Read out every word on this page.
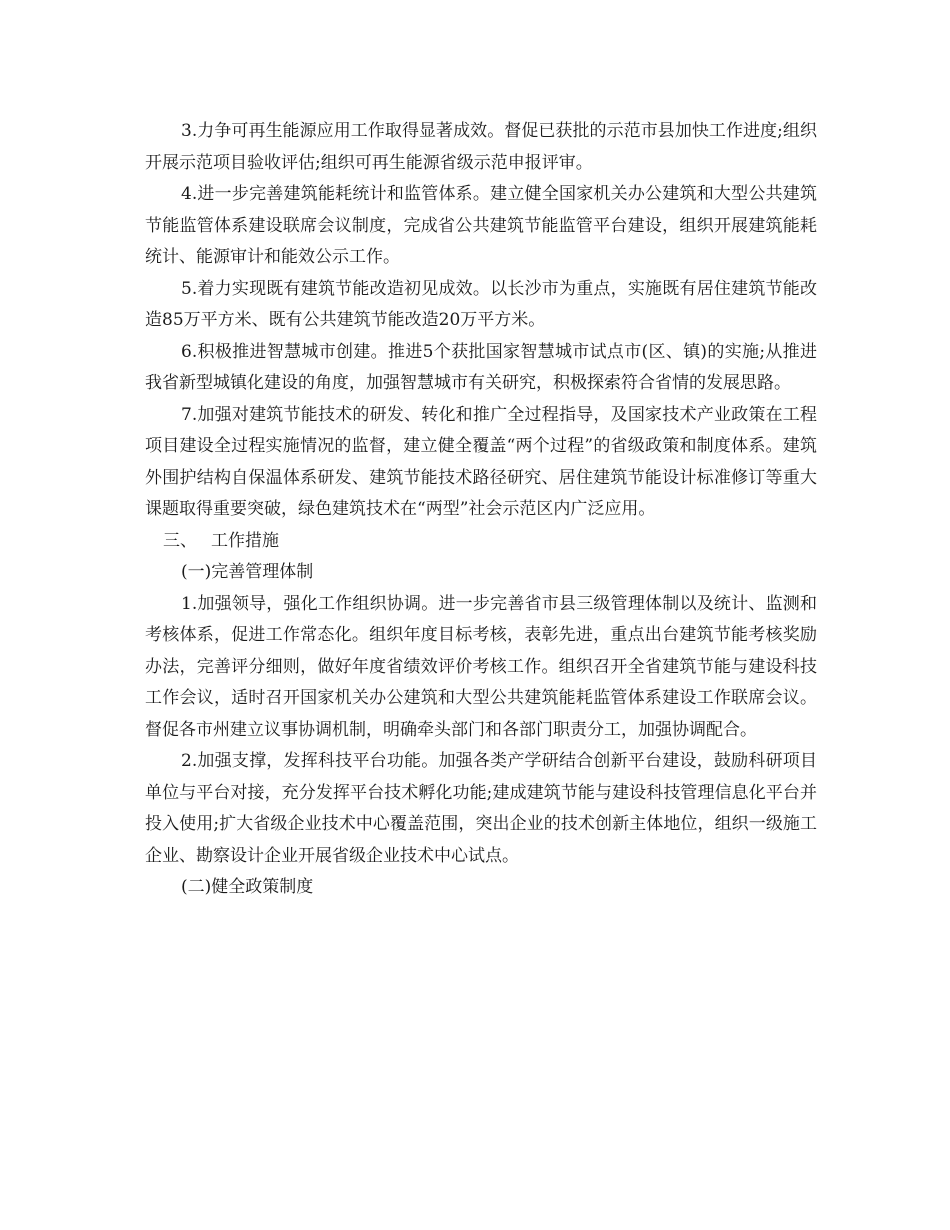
3.力争可再生能源应用工作取得显著成效。督促已获批的示范市县加快工作进度;组织开展示范项目验收评估;组织可再生能源省级示范申报评审。

4.进一步完善建筑能耗统计和监管体系。建立健全国家机关办公建筑和大型公共建筑节能监管体系建设联席会议制度，完成省公共建筑节能监管平台建设，组织开展建筑能耗统计、能源审计和能效公示工作。

5.着力实现既有建筑节能改造初见成效。以长沙市为重点，实施既有居住建筑节能改造85万平方米、既有公共建筑节能改造20万平方米。

6.积极推进智慧城市创建。推进5个获批国家智慧城市试点市(区、镇)的实施;从推进我省新型城镇化建设的角度，加强智慧城市有关研究，积极探索符合省情的发展思路。

7.加强对建筑节能技术的研发、转化和推广全过程指导，及国家技术产业政策在工程项目建设全过程实施情况的监督，建立健全覆盖“两个过程”的省级政策和制度体系。建筑外围护结构自保温体系研发、建筑节能技术路径研究、居住建筑节能设计标准修订等重大课题取得重要突破，绿色建筑技术在“两型”社会示范区内广泛应用。

三、 工作措施

(一)完善管理体制

1.加强领导，强化工作组织协调。进一步完善省市县三级管理体制以及统计、监测和考核体系，促进工作常态化。组织年度目标考核，表彰先进，重点出台建筑节能考核奖励办法，完善评分细则，做好年度省绩效评价考核工作。组织召开全省建筑节能与建设科技工作会议，适时召开国家机关办公建筑和大型公共建筑能耗监管体系建设工作联席会议。督促各市州建立议事协调机制，明确牵头部门和各部门职责分工，加强协调配合。

2.加强支撑，发挥科技平台功能。加强各类产学研结合创新平台建设，鼓励科研项目单位与平台对接，充分发挥平台技术孵化功能;建成建筑节能与建设科技管理信息化平台并投入使用;扩大省级企业技术中心覆盖范围，突出企业的技术创新主体地位，组织一级施工企业、勘察设计企业开展省级企业技术中心试点。

(二)健全政策制度
